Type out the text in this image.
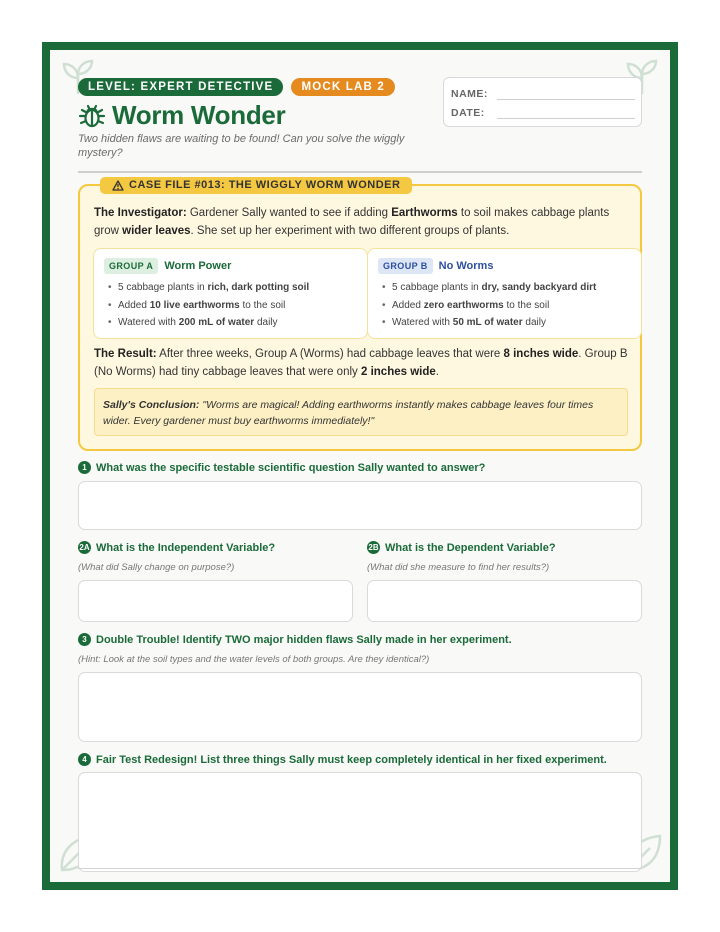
LEVEL: EXPERT DETECTIVE	MOCK LAB 2
Worm Wonder
Two hidden flaws are waiting to be found! Can you solve the wiggly mystery?
NAME:
DATE:
CASE FILE #013: THE WIGGLY WORM WONDER

The Investigator: Gardener Sally wanted to see if adding Earthworms to soil makes cabbage plants grow wider leaves. She set up her experiment with two different groups of plants.

GROUP A	Worm Power
• 5 cabbage plants in rich, dark potting soil
• Added 10 live earthworms to the soil
• Watered with 200 mL of water daily
GROUP B	No Worms
• 5 cabbage plants in dry, sandy backyard dirt
• Added zero earthworms to the soil
• Watered with 50 mL of water daily

The Result: After three weeks, Group A (Worms) had cabbage leaves that were 8 inches wide. Group B (No Worms) had tiny cabbage leaves that were only 2 inches wide.

Sally's Conclusion: "Worms are magical! Adding earthworms instantly makes cabbage leaves four times wider. Every gardener must buy earthworms immediately!"
1 What was the specific testable scientific question Sally wanted to answer?
2A What is the Independent Variable?
(What did Sally change on purpose?)
2B What is the Dependent Variable?
(What did she measure to find her results?)
3 Double Trouble! Identify TWO major hidden flaws Sally made in her experiment.
(Hint: Look at the soil types and the water levels of both groups. Are they identical?)
4 Fair Test Redesign! List three things Sally must keep completely identical in her fixed experiment.
